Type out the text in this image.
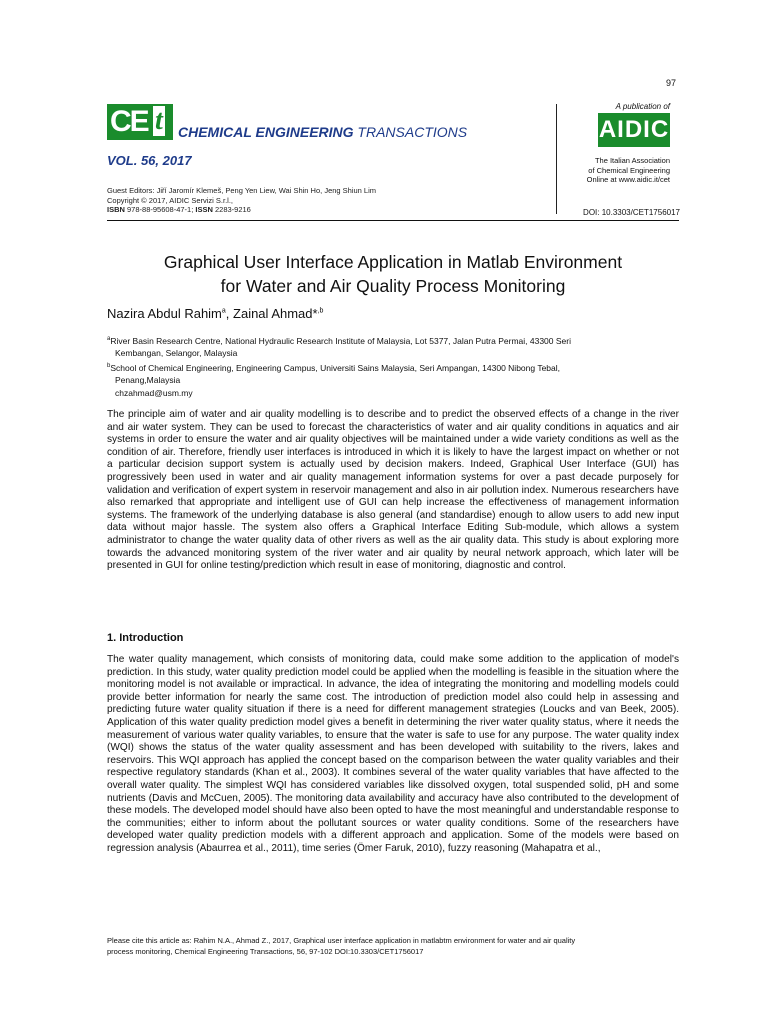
97
CE t CHEMICAL ENGINEERING TRANSACTIONS
VOL. 56, 2017
Guest Editors: Jiří Jaromír Klemeš, Peng Yen Liew, Wai Shin Ho, Jeng Shiun Lim
Copyright © 2017, AIDIC Servizi S.r.l.,
ISBN 978-88-95608-47-1; ISSN 2283-9216
A publication of
AIDIC
The Italian Association
of Chemical Engineering
Online at www.aidic.it/cet
DOI: 10.3303/CET1756017
Graphical User Interface Application in Matlab Environment
for Water and Air Quality Process Monitoring
Nazira Abdul Rahim$^a$, Zainal Ahmad*$^{,b}$
$^a$River Basin Research Centre, National Hydraulic Research Institute of Malaysia, Lot 5377, Jalan Putra Permai, 43300 Seri
Kembangan, Selangor, Malaysia
$^b$School of Chemical Engineering, Engineering Campus, Universiti Sains Malaysia, Seri Ampangan, 14300 Nibong Tebal,
Penang,Malaysia
chzahmad@usm.my
The principle aim of water and air quality modelling is to describe and to predict the observed effects of a change in the river and air water system. They can be used to forecast the characteristics of water and air quality conditions in aquatics and air systems in order to ensure the water and air quality objectives will be maintained under a wide variety conditions as well as the condition of air. Therefore, friendly user interfaces is introduced in which it is likely to have the largest impact on whether or not a particular decision support system is actually used by decision makers. Indeed, Graphical User Interface (GUI) has progressively been used in water and air quality management information systems for over a past decade purposely for validation and verification of expert system in reservoir management and also in air pollution index. Numerous researchers have also remarked that appropriate and intelligent use of GUI can help increase the effectiveness of management information systems. The framework of the underlying database is also general (and standardise) enough to allow users to add new input data without major hassle. The system also offers a Graphical Interface Editing Sub-module, which allows a system administrator to change the water quality data of other rivers as well as the air quality data. This study is about exploring more towards the advanced monitoring system of the river water and air quality by neural network approach, which later will be presented in GUI for online testing/prediction which result in ease of monitoring, diagnostic and control.
1. Introduction
The water quality management, which consists of monitoring data, could make some addition to the application of model's prediction. In this study, water quality prediction model could be applied when the modelling is feasible in the situation where the monitoring model is not available or impractical. In advance, the idea of integrating the monitoring and modelling models could provide better information for nearly the same cost. The introduction of prediction model also could help in assessing and predicting future water quality situation if there is a need for different management strategies (Loucks and van Beek, 2005). Application of this water quality prediction model gives a benefit in determining the river water quality status, where it needs the measurement of various water quality variables, to ensure that the water is safe to use for any purpose. The water quality index (WQI) shows the status of the water quality assessment and has been developed with suitability to the rivers, lakes and reservoirs. This WQI approach has applied the concept based on the comparison between the water quality variables and their respective regulatory standards (Khan et al., 2003). It combines several of the water quality variables that have affected to the overall water quality. The simplest WQI has considered variables like dissolved oxygen, total suspended solid, pH and some nutrients (Davis and McCuen, 2005). The monitoring data availability and accuracy have also contributed to the development of these models. The developed model should have also been opted to have the most meaningful and understandable response to the communities; either to inform about the pollutant sources or water quality conditions. Some of the researchers have developed water quality prediction models with a different approach and application. Some of the models were based on regression analysis (Abaurrea et al., 2011), time series (Ömer Faruk, 2010), fuzzy reasoning (Mahapatra et al.,
Please cite this article as: Rahim N.A., Ahmad Z., 2017, Graphical user interface application in matlabtm environment for water and air quality
process monitoring, Chemical Engineering Transactions, 56, 97-102 DOI:10.3303/CET1756017
